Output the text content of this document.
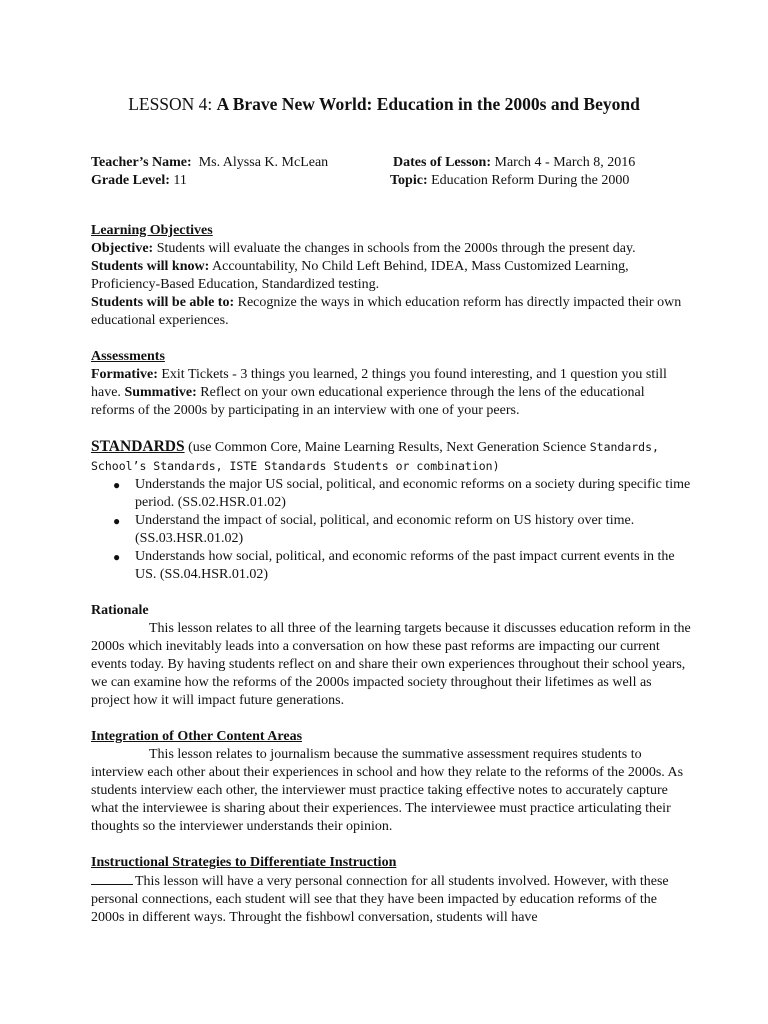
LESSON 4: A Brave New World: Education in the 2000s and Beyond
Teacher’s Name: Ms. Alyssa K. McLean	Dates of Lesson: March 4 - March 8, 2016
Grade Level: 11	Topic: Education Reform During the 2000

Learning Objectives

Objective: Students will evaluate the changes in schools from the 2000s through the present day.

Students will know: Accountability, No Child Left Behind, IDEA, Mass Customized Learning, Proficiency-Based Education, Standardized testing.

Students will be able to: Recognize the ways in which education reform has directly impacted their own educational experiences.

Assessments

Formative: Exit Tickets - 3 things you learned, 2 things you found interesting, and 1 question you still have. Summative: Reflect on your own educational experience through the lens of the educational reforms of the 2000s by participating in an interview with one of your peers.

STANDARDS (use Common Core, Maine Learning Results, Next Generation Science Standards, School’s Standards, ISTE Standards Students or combination)

● Understands the major US social, political, and economic reforms on a society during specific time period. (SS.02.HSR.01.02)
● Understand the impact of social, political, and economic reform on US history over time. (SS.03.HSR.01.02)
● Understands how social, political, and economic reforms of the past impact current events in the US. (SS.04.HSR.01.02)

Rationale

This lesson relates to all three of the learning targets because it discusses education reform in the 2000s which inevitably leads into a conversation on how these past reforms are impacting our current events today. By having students reflect on and share their own experiences throughout their school years, we can examine how the reforms of the 2000s impacted society throughout their lifetimes as well as project how it will impact future generations.

Integration of Other Content Areas

This lesson relates to journalism because the summative assessment requires students to interview each other about their experiences in school and how they relate to the reforms of the 2000s. As students interview each other, the interviewer must practice taking effective notes to accurately capture what the interviewee is sharing about their experiences. The interviewee must practice articulating their thoughts so the interviewer understands their opinion.

Instructional Strategies to Differentiate Instruction

This lesson will have a very personal connection for all students involved. However, with these personal connections, each student will see that they have been impacted by education reforms of the 2000s in different ways. Throught the fishbowl conversation, students will have
